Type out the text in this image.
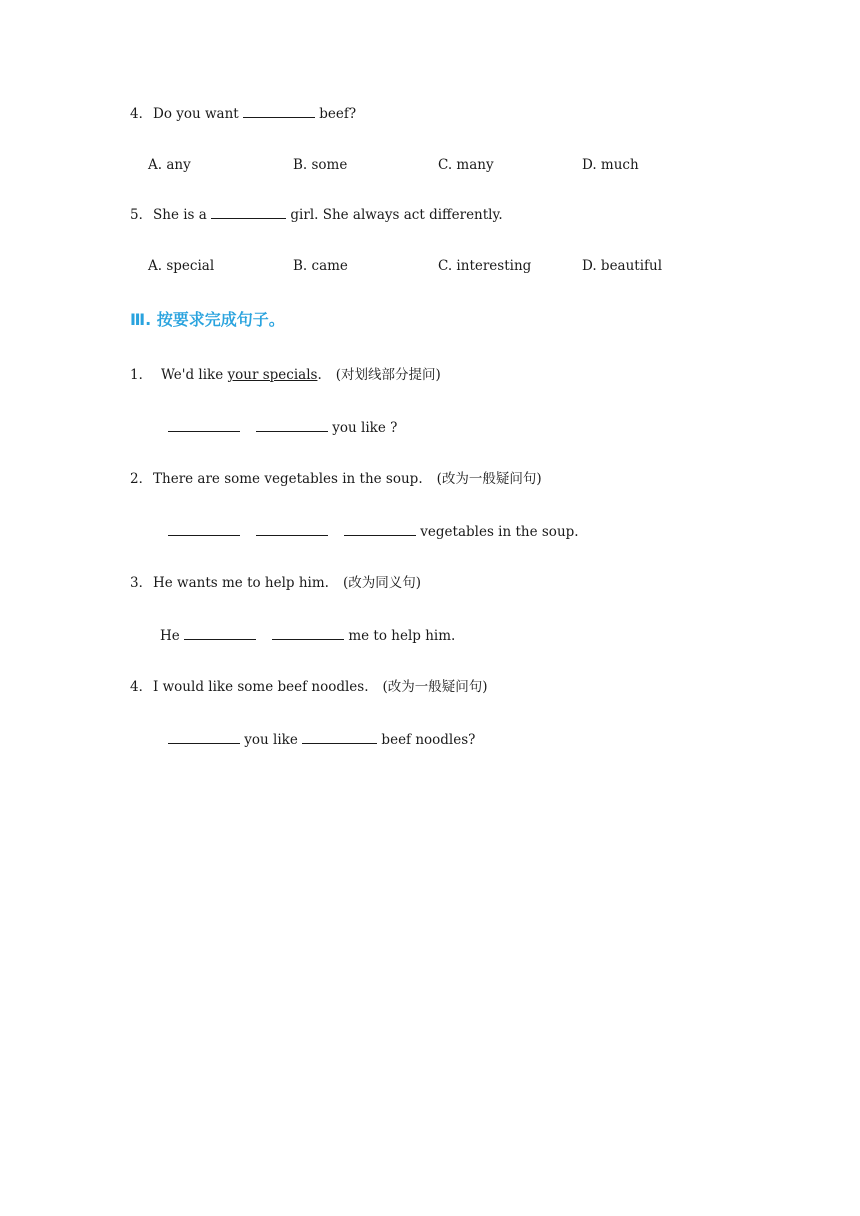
4．Do you want	beef?
A. any	B. some	C. many	D. much
5．She is a	girl. She always act differently.
A. special	B. came	C. interesting	D. beautiful
Ⅲ. 按要求完成句子。
1． We'd like your specials. (对划线部分提问)
you like ?
2．There are some vegetables in the soup. (改为一般疑问句)
vegetables in the soup.
3．He wants me to help him. (改为同义句)
He	me to help him.
4．I would like some beef noodles. (改为一般疑问句)
you like	beef noodles?
